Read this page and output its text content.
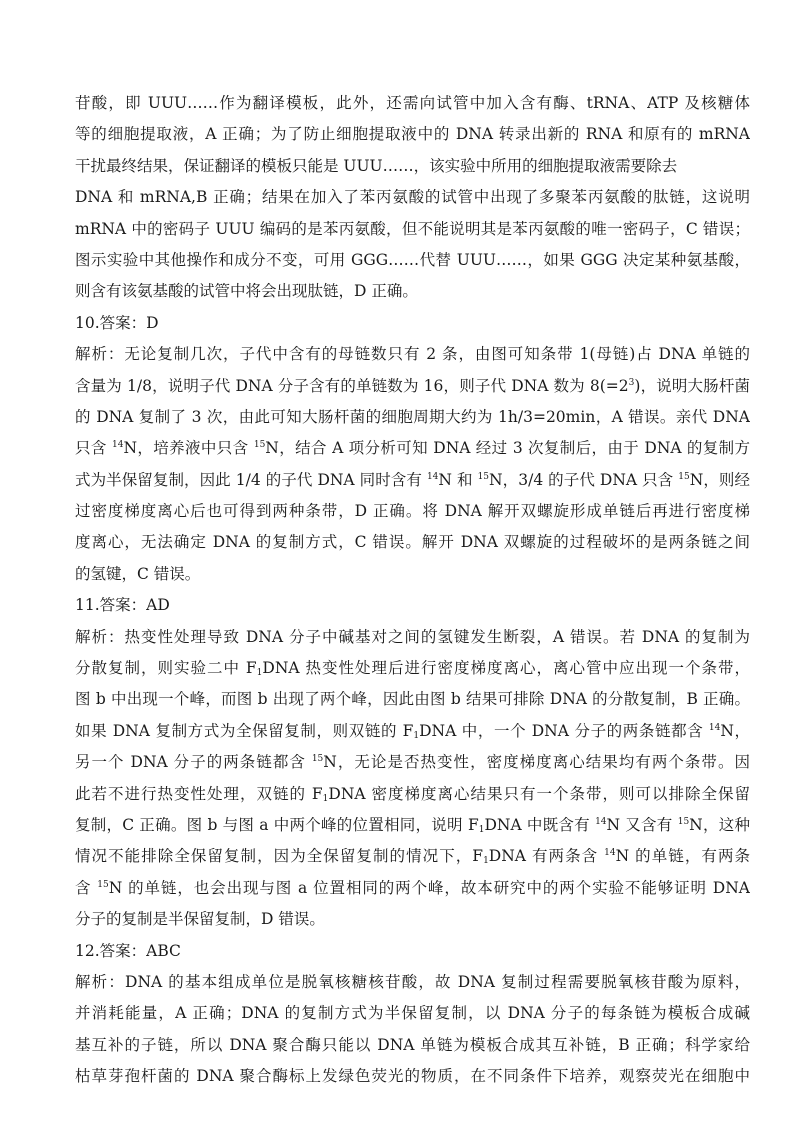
苷酸，即 UUU……作为翻译模板，此外，还需向试管中加入含有酶、tRNA、ATP 及核糖体
等的细胞提取液，A 正确；为了防止细胞提取液中的 DNA 转录出新的 RNA 和原有的 mRNA
干扰最终结果，保证翻译的模板只能是 UUU……，该实验中所用的细胞提取液需要除去
DNA 和 mRNA,B 正确；结果在加入了苯丙氨酸的试管中出现了多聚苯丙氨酸的肽链，这说明
mRNA 中的密码子 UUU 编码的是苯丙氨酸，但不能说明其是苯丙氨酸的唯一密码子，C 错误；
图示实验中其他操作和成分不变，可用 GGG……代替 UUU……，如果 GGG 决定某种氨基酸，
则含有该氨基酸的试管中将会出现肽链，D 正确。
10.答案：D
解析：无论复制几次，子代中含有的母链数只有 2 条，由图可知条带 1(母链)占 DNA 单链的
含量为 1/8，说明子代 DNA 分子含有的单链数为 16，则子代 DNA 数为 $8(=2^3)$，说明大肠杆菌
的 DNA 复制了 3 次，由此可知大肠杆菌的细胞周期大约为 1h/3=20min，A 错误。亲代 DNA
只含 $^{14}$N，培养液中只含 $^{15}$N，结合 A 项分析可知 DNA 经过 3 次复制后，由于 DNA 的复制方
式为半保留复制，因此 1/4 的子代 DNA 同时含有 $^{14}$N 和 $^{15}$N，3/4 的子代 DNA 只含 $^{15}$N，则经
过密度梯度离心后也可得到两种条带，D 正确。将 DNA 解开双螺旋形成单链后再进行密度梯
度离心，无法确定 DNA 的复制方式，C 错误。解开 DNA 双螺旋的过程破坏的是两条链之间
的氢键，C 错误。
11.答案：AD
解析：热变性处理导致 DNA 分子中碱基对之间的氢键发生断裂，A 错误。若 DNA 的复制为
分散复制，则实验二中 $F_1DNA$ 热变性处理后进行密度梯度离心，离心管中应出现一个条带，
图 b 中出现一个峰，而图 b 出现了两个峰，因此由图 b 结果可排除 DNA 的分散复制，B 正确。
如果 DNA 复制方式为全保留复制，则双链的 $F_1DNA$ 中，一个 DNA 分子的两条链都含 $^{14}$N，
另一个 DNA 分子的两条链都含 $^{15}$N，无论是否热变性，密度梯度离心结果均有两个条带。因
此若不进行热变性处理，双链的 $F_1DNA$ 密度梯度离心结果只有一个条带，则可以排除全保留
复制，C 正确。图 b 与图 a 中两个峰的位置相同，说明 $F_1DNA$ 中既含有 $^{14}$N 又含有 $^{15}$N，这种
情况不能排除全保留复制，因为全保留复制的情况下，$F_1DNA$ 有两条含 $^{14}$N 的单链，有两条
含 $^{15}$N 的单链，也会出现与图 a 位置相同的两个峰，故本研究中的两个实验不能够证明 DNA
分子的复制是半保留复制，D 错误。
12.答案：ABC
解析：DNA 的基本组成单位是脱氧核糖核苷酸，故 DNA 复制过程需要脱氧核苷酸为原料，
并消耗能量，A 正确；DNA 的复制方式为半保留复制，以 DNA 分子的每条链为模板合成碱
基互补的子链，所以 DNA 聚合酶只能以 DNA 单链为模板合成其互补链，B 正确；科学家给
枯草芽孢杆菌的 DNA 聚合酶标上发绿色荧光的物质，在不同条件下培养，观察荧光在细胞中
